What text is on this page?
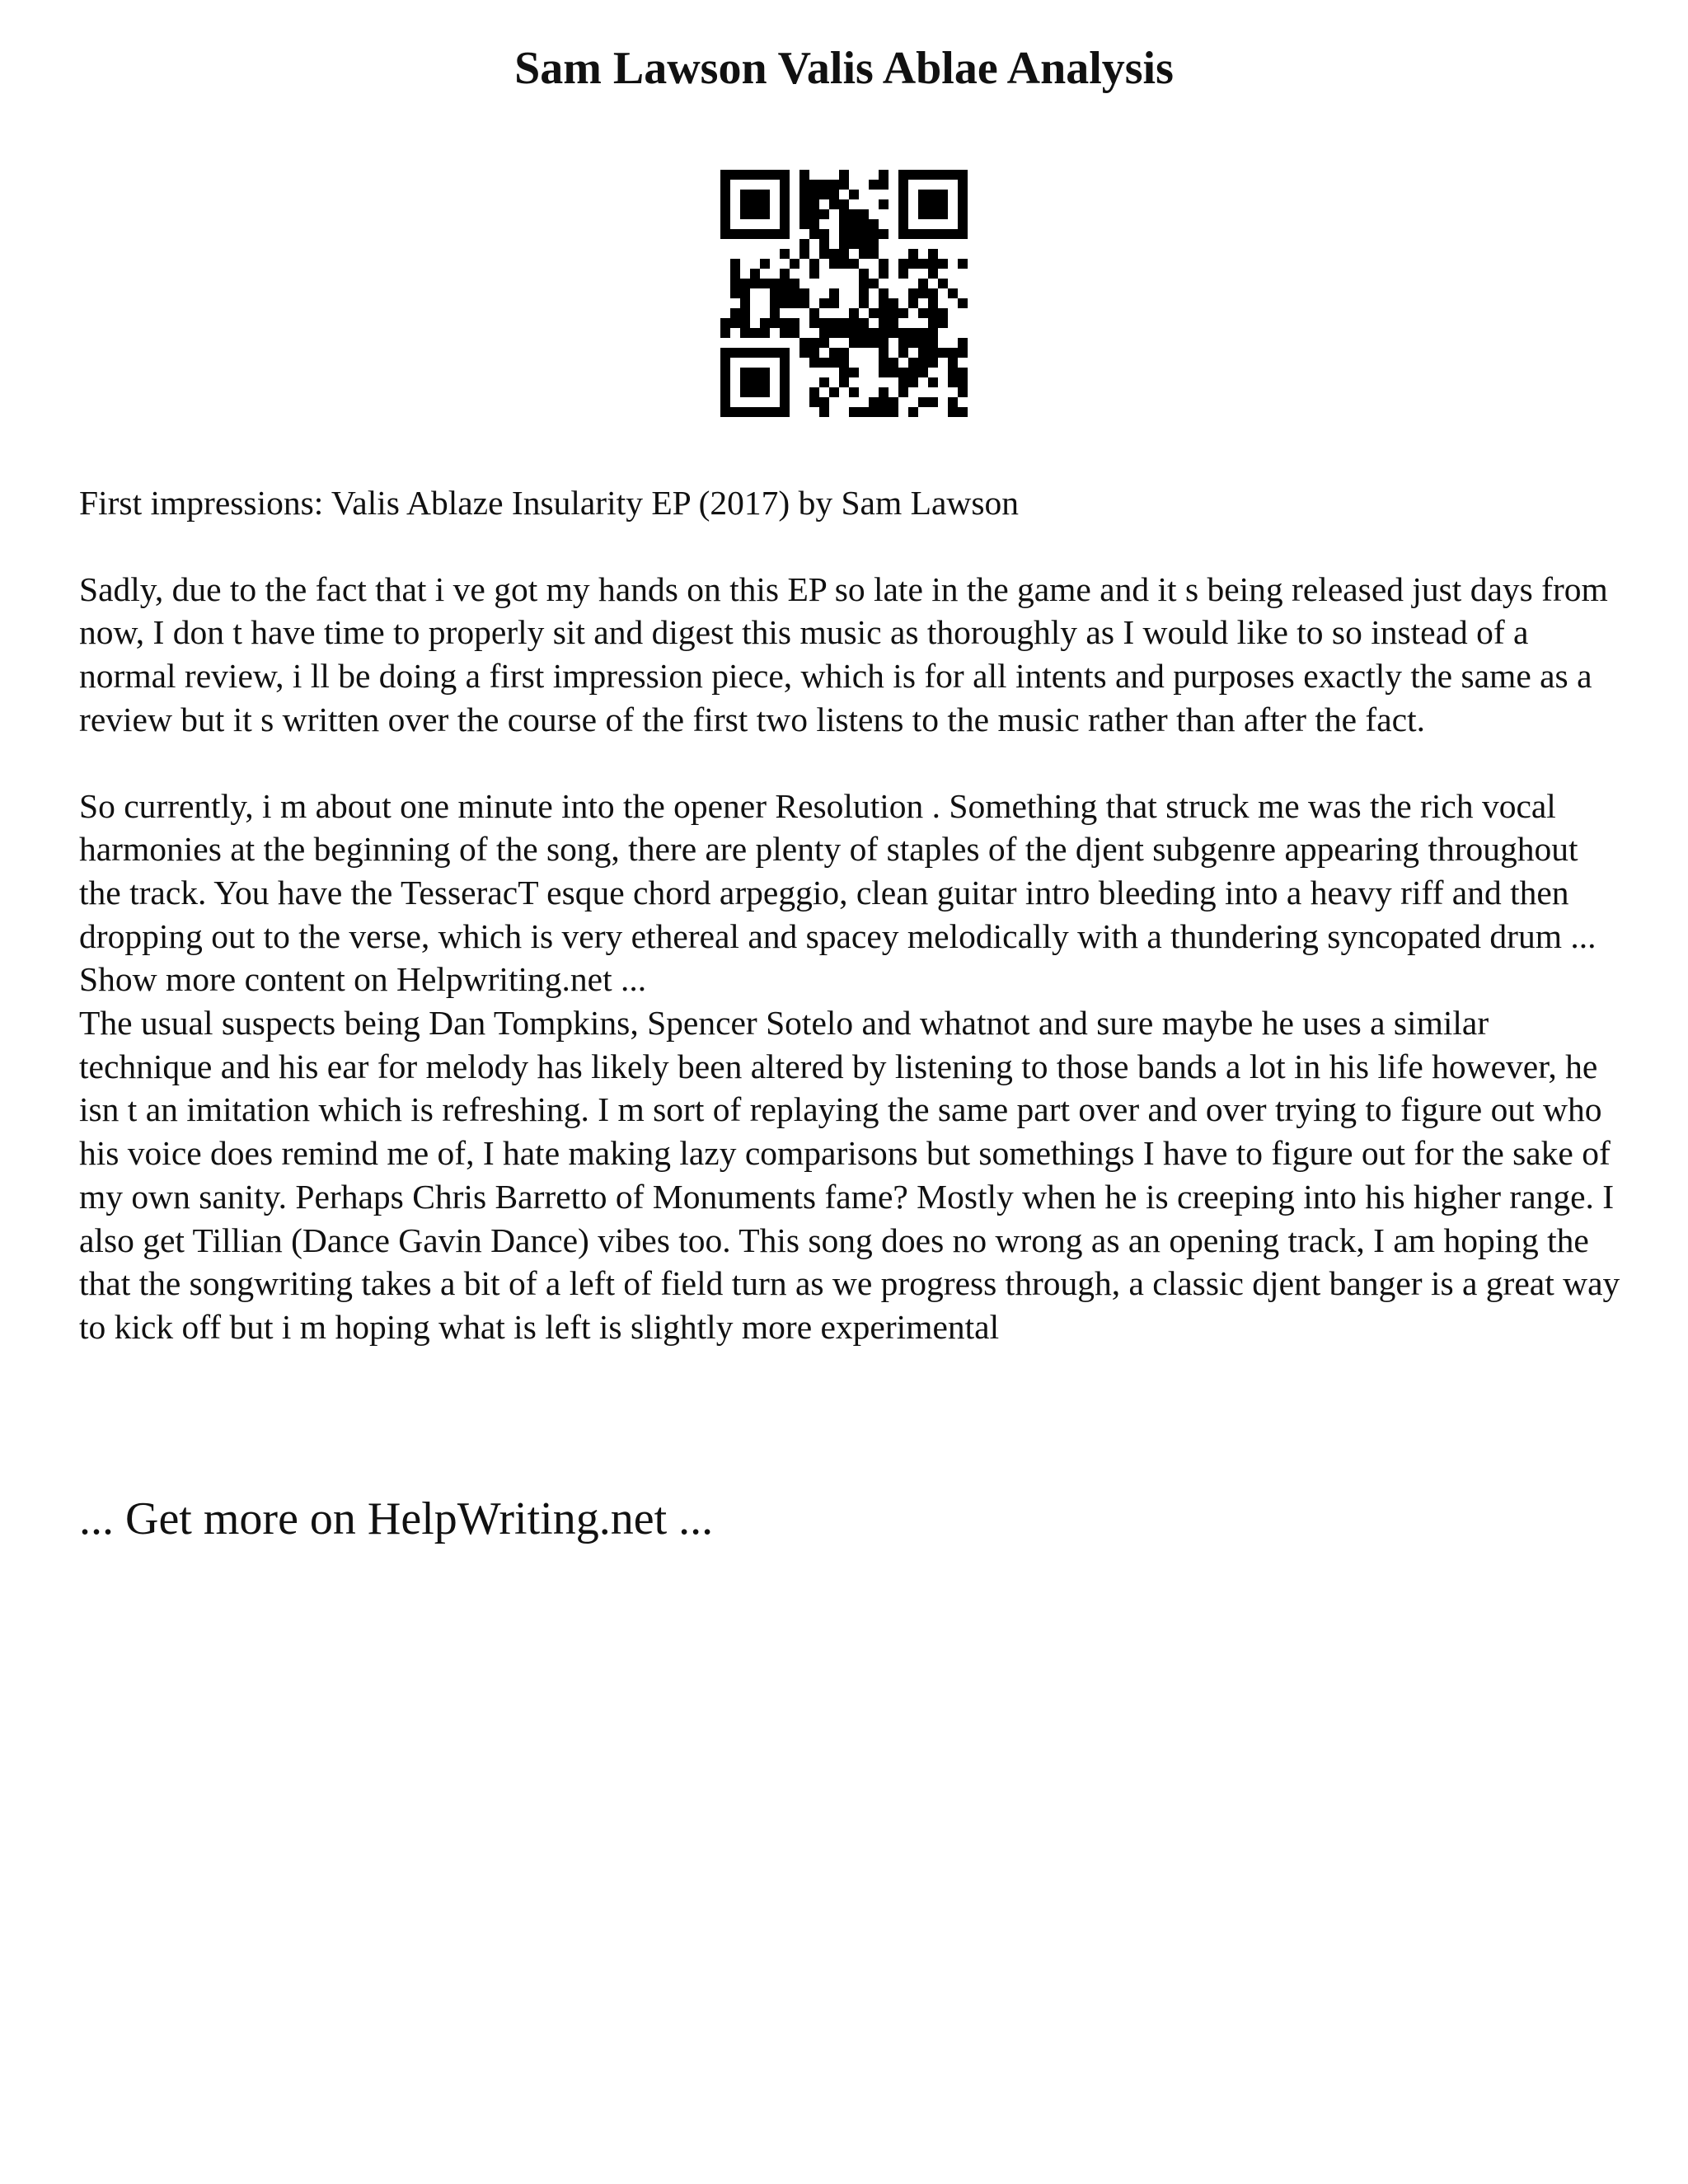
Sam Lawson Valis Ablae Analysis

First impressions: Valis Ablaze Insularity EP (2017) by Sam Lawson

Sadly, due to the fact that i ve got my hands on this EP so late in the game and it s being released just days from now, I don t have time to properly sit and digest this music as thoroughly as I would like to so instead of a normal review, i ll be doing a first impression piece, which is for all intents and purposes exactly the same as a review but it s written over the course of the first two listens to the music rather than after the fact.

So currently, i m about one minute into the opener Resolution . Something that struck me was the rich vocal harmonies at the beginning of the song, there are plenty of staples of the djent subgenre appearing throughout the track. You have the TesseracT esque chord arpeggio, clean guitar intro bleeding into a heavy riff and then dropping out to the verse, which is very ethereal and spacey melodically with a thundering syncopated drum ... Show more content on Helpwriting.net ...

The usual suspects being Dan Tompkins, Spencer Sotelo and whatnot and sure maybe he uses a similar technique and his ear for melody has likely been altered by listening to those bands a lot in his life however, he isn t an imitation which is refreshing. I m sort of replaying the same part over and over trying to figure out who his voice does remind me of, I hate making lazy comparisons but somethings I have to figure out for the sake of my own sanity. Perhaps Chris Barretto of Monuments fame? Mostly when he is creeping into his higher range. I also get Tillian (Dance Gavin Dance) vibes too. This song does no wrong as an opening track, I am hoping the that the songwriting takes a bit of a left of field turn as we progress through, a classic djent banger is a great way to kick off but i m hoping what is left is slightly more experimental

... Get more on HelpWriting.net ...
